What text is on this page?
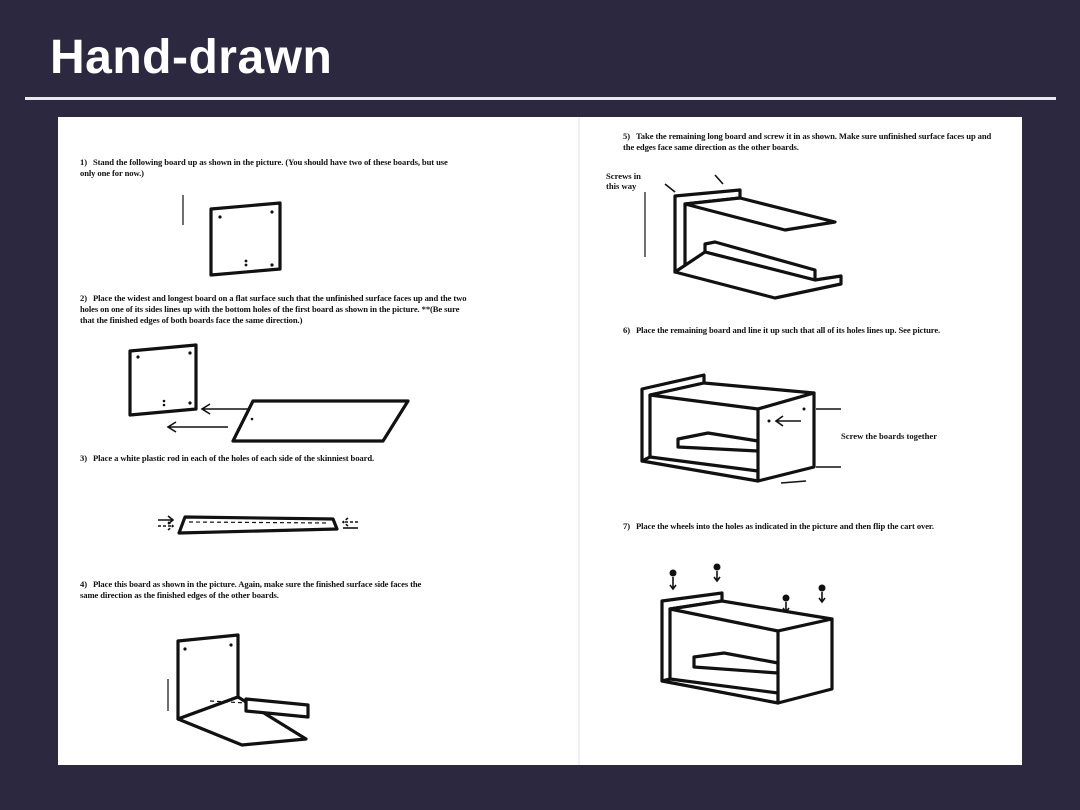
Hand-drawn
1) Stand the following board up as shown in the picture. (You should have two of these boards, but use only one for now.)
2) Place the widest and longest board on a flat surface such that the unfinished surface faces up and the two holes on one of its sides lines up with the bottom holes of the first board as shown in the picture. **(Be sure that the finished edges of both boards face the same direction.)
3) Place a white plastic rod in each of the holes of each side of the skinniest board.
4) Place this board as shown in the picture. Again, make sure the finished surface side faces the same direction as the finished edges of the other boards.
5) Take the remaining long board and screw it in as shown. Make sure unfinished surface faces up and the edges face same direction as the other boards.
Screws in
this way
6) Place the remaining board and line it up such that all of its holes lines up. See picture.
Screw the boards together
7) Place the wheels into the holes as indicated in the picture and then flip the cart over.
